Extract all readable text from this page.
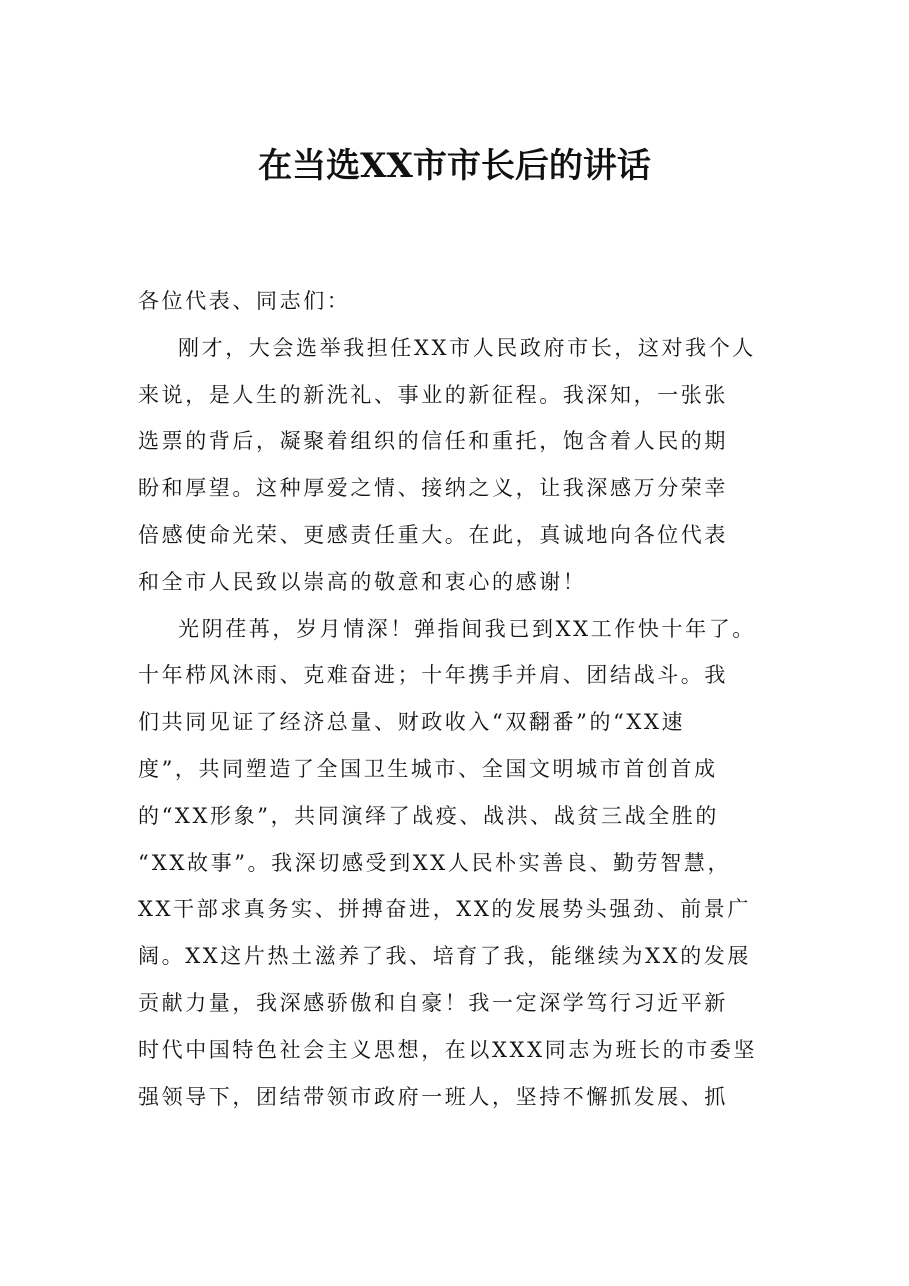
在当选XX市市长后的讲话
各位代表、同志们：
刚才，大会选举我担任XX市人民政府市长，这对我个人
来说，是人生的新洗礼、事业的新征程。我深知，一张张
选票的背后，凝聚着组织的信任和重托，饱含着人民的期
盼和厚望。这种厚爱之情、接纳之义，让我深感万分荣幸
倍感使命光荣、更感责任重大。在此，真诚地向各位代表
和全市人民致以崇高的敬意和衷心的感谢！
光阴荏苒，岁月情深！弹指间我已到XX工作快十年了。
十年栉风沐雨、克难奋进；十年携手并肩、团结战斗。我
们共同见证了经济总量、财政收入“双翻番”的“XX速
度”，共同塑造了全国卫生城市、全国文明城市首创首成
的“XX形象”，共同演绎了战疫、战洪、战贫三战全胜的
“XX故事”。我深切感受到XX人民朴实善良、勤劳智慧，
XX干部求真务实、拼搏奋进，XX的发展势头强劲、前景广
阔。XX这片热土滋养了我、培育了我，能继续为XX的发展
贡献力量，我深感骄傲和自豪！我一定深学笃行习近平新
时代中国特色社会主义思想，在以XXX同志为班长的市委坚
强领导下，团结带领市政府一班人，坚持不懈抓发展、抓
